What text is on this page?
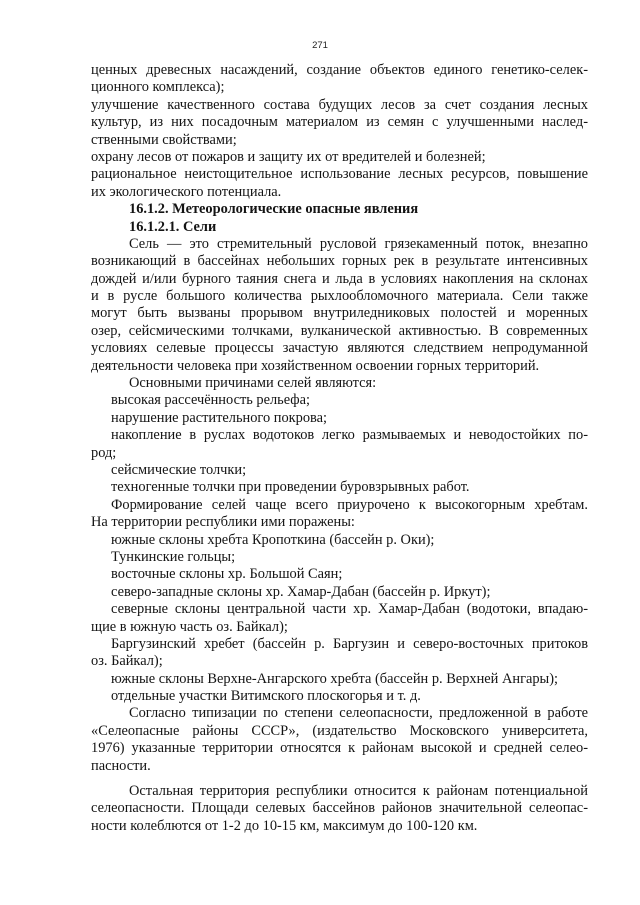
271
ценных древесных насаждений, создание объектов единого генетико-селек-
ционного комплекса);
улучшение качественного состава будущих лесов за счет создания лесных
культур, из них посадочным материалом из семян с улучшенными наслед-
ственными свойствами;
охрану лесов от пожаров и защиту их от вредителей и болезней;
рациональное неистощительное использование лесных ресурсов, повышение
их экологического потенциала.
16.1.2. Метеорологические опасные явления
16.1.2.1. Сели
Сель — это стремительный русловой грязекаменный поток, внезапно
возникающий в бассейнах небольших горных рек в результате интенсивных
дождей и/или бурного таяния снега и льда в условиях накопления на склонах
и в русле большого количества рыхлообломочного материала. Сели также
могут быть вызваны прорывом внутриледниковых полостей и моренных
озер, сейсмическими толчками, вулканической активностью. В современных
условиях селевые процессы зачастую являются следствием непродуманной
деятельности человека при хозяйственном освоении горных территорий.
Основными причинами селей являются:
высокая рассечённость рельефа;
нарушение растительного покрова;
накопление в руслах водотоков легко размываемых и неводостойких по-
род;
сейсмические толчки;
техногенные толчки при проведении буровзрывных работ.
Формирование селей чаще всего приурочено к высокогорным хребтам.
На территории республики ими поражены:
южные склоны хребта Кропоткина (бассейн р. Оки);
Тункинские гольцы;
восточные склоны хр. Большой Саян;
северо-западные склоны хр. Хамар-Дабан (бассейн р. Иркут);
северные склоны центральной части хр. Хамар-Дабан (водотоки, впадаю-
щие в южную часть оз. Байкал);
Баргузинский хребет (бассейн р. Баргузин и северо-восточных притоков
оз. Байкал);
южные склоны Верхне-Ангарского хребта (бассейн р. Верхней Ангары);
отдельные участки Витимского плоскогорья и т. д.
Согласно типизации по степени селеопасности, предложенной в работе
«Селеопасные районы СССР», (издательство Московского университета,
1976) указанные территории относятся к районам высокой и средней селео-
пасности.
Остальная территория республики относится к районам потенциальной
селеопасности. Площади селевых бассейнов районов значительной селеопас-
ности колеблются от 1-2 до 10-15 км, максимум до 100-120 км.
